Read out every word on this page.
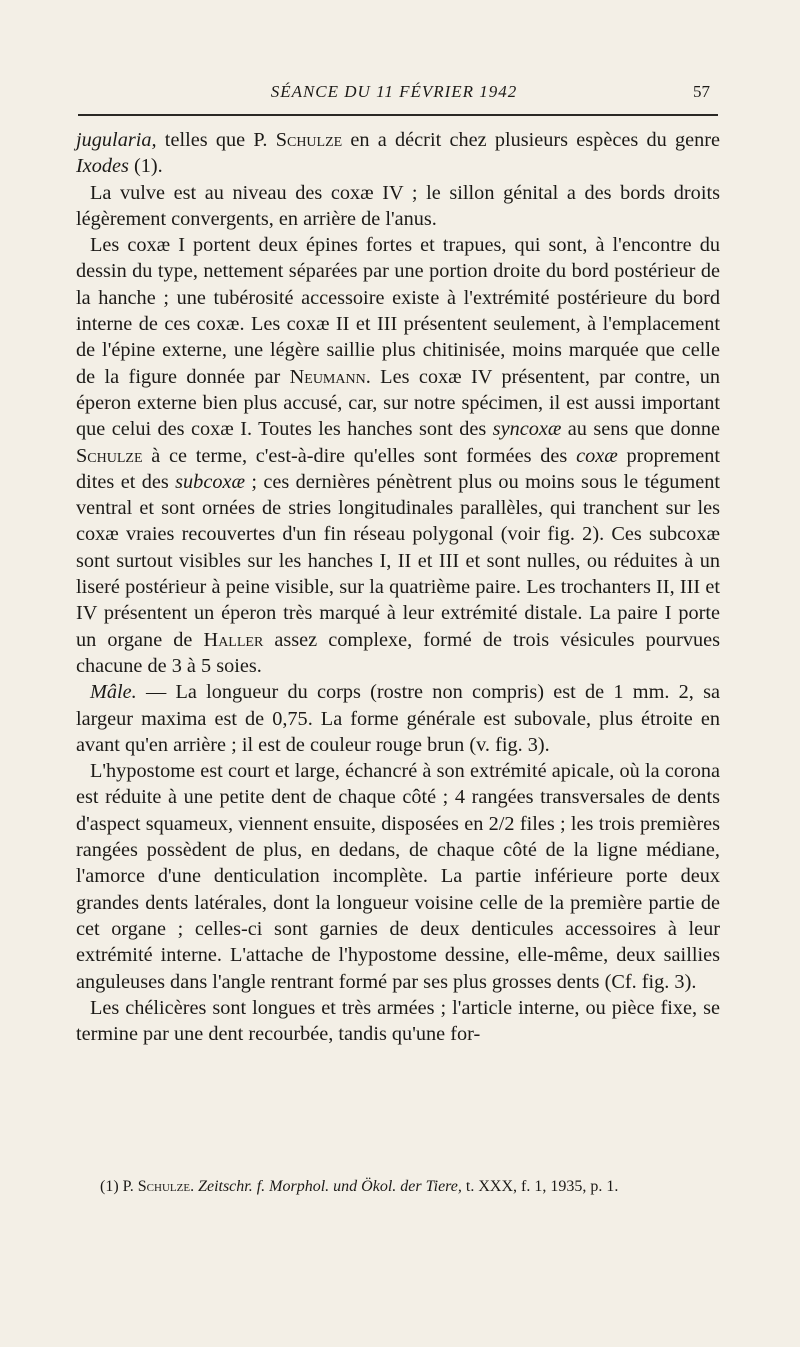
SÉANCE DU 11 FÉVRIER 1942	57

jugularia, telles que P. Schulze en a décrit chez plusieurs espèces du genre Ixodes (1).

La vulve est au niveau des coxæ IV ; le sillon génital a des bords droits légèrement convergents, en arrière de l'anus.

Les coxæ I portent deux épines fortes et trapues, qui sont, à l'encontre du dessin du type, nettement séparées par une portion droite du bord postérieur de la hanche ; une tubérosité accessoire existe à l'extrémité postérieure du bord interne de ces coxæ. Les coxæ II et III présentent seulement, à l'emplacement de l'épine externe, une légère saillie plus chitinisée, moins marquée que celle de la figure donnée par Neumann. Les coxæ IV présentent, par contre, un éperon externe bien plus accusé, car, sur notre spécimen, il est aussi important que celui des coxæ I. Toutes les hanches sont des syncoxæ au sens que donne Schulze à ce terme, c'est-à-dire qu'elles sont formées des coxæ proprement dites et des subcoxæ ; ces dernières pénètrent plus ou moins sous le tégument ventral et sont ornées de stries longitudinales parallèles, qui tranchent sur les coxæ vraies recouvertes d'un fin réseau polygonal (voir fig. 2). Ces subcoxæ sont surtout visibles sur les hanches I, II et III et sont nulles, ou réduites à un liseré postérieur à peine visible, sur la quatrième paire. Les trochanters II, III et IV présentent un éperon très marqué à leur extrémité distale. La paire I porte un organe de Haller assez complexe, formé de trois vésicules pourvues chacune de 3 à 5 soies.

Mâle. — La longueur du corps (rostre non compris) est de 1 mm. 2, sa largeur maxima est de 0,75. La forme générale est subovale, plus étroite en avant qu'en arrière ; il est de couleur rouge brun (v. fig. 3).

L'hypostome est court et large, échancré à son extrémité apicale, où la corona est réduite à une petite dent de chaque côté ; 4 rangées transversales de dents d'aspect squameux, viennent ensuite, disposées en 2/2 files ; les trois premières rangées possèdent de plus, en dedans, de chaque côté de la ligne médiane, l'amorce d'une denticulation incomplète. La partie inférieure porte deux grandes dents latérales, dont la longueur voisine celle de la première partie de cet organe ; celles-ci sont garnies de deux denticules accessoires à leur extrémité interne. L'attache de l'hypostome dessine, elle-même, deux saillies anguleuses dans l'angle rentrant formé par ses plus grosses dents (Cf. fig. 3).

Les chélicères sont longues et très armées ; l'article interne, ou pièce fixe, se termine par une dent recourbée, tandis qu'une for-

(1) P. Schulze. Zeitschr. f. Morphol. und Ökol. der Tiere, t. XXX, f. 1, 1935, p. 1.
